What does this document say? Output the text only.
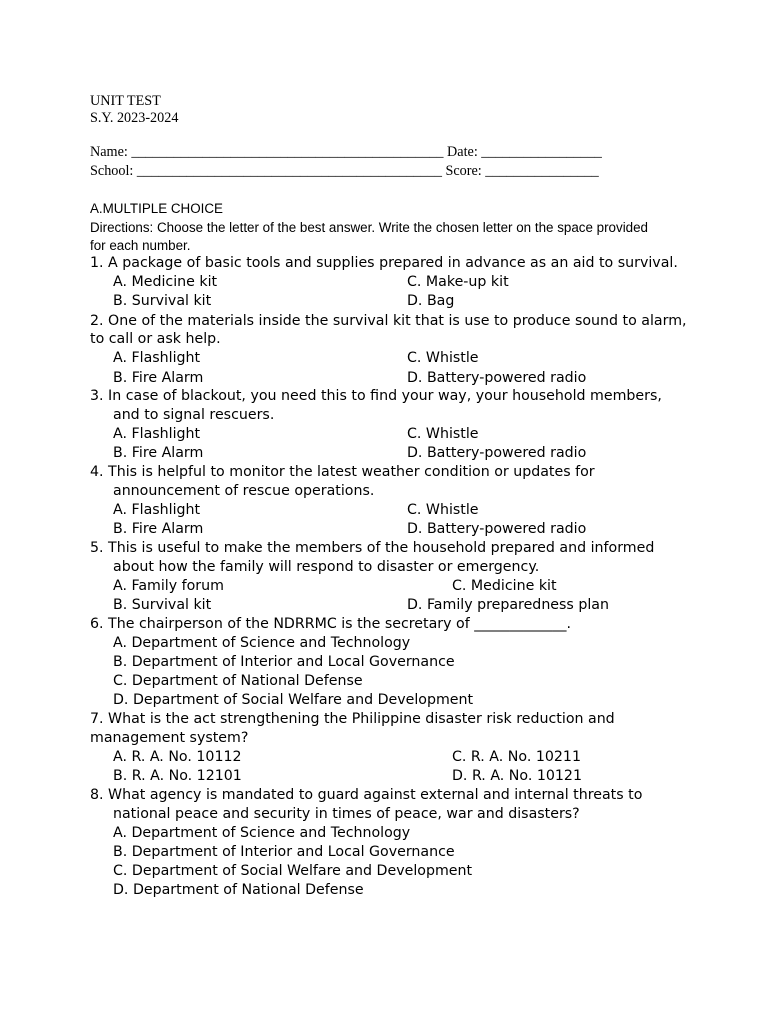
UNIT TEST
S.Y. 2023-2024
Name: ____________________________________________ Date: _________________
School: ___________________________________________ Score: ________________
A.MULTIPLE CHOICE
Directions: Choose the letter of the best answer. Write the chosen letter on the space provided
for each number.
1. A package of basic tools and supplies prepared in advance as an aid to survival.
A. Medicine kit	C. Make-up kit
B. Survival kit	D. Bag
2. One of the materials inside the survival kit that is use to produce sound to alarm,
to call or ask help.
A. Flashlight	C. Whistle
B. Fire Alarm	D. Battery-powered radio
3. In case of blackout, you need this to find your way, your household members,
and to signal rescuers.
A. Flashlight	C. Whistle
B. Fire Alarm	D. Battery-powered radio
4. This is helpful to monitor the latest weather condition or updates for
announcement of rescue operations.
A. Flashlight	C. Whistle
B. Fire Alarm	D. Battery-powered radio
5. This is useful to make the members of the household prepared and informed
about how the family will respond to disaster or emergency.
A. Family forum	C. Medicine kit
B. Survival kit	D. Family preparedness plan
6. The chairperson of the NDRRMC is the secretary of _____________.
A. Department of Science and Technology
B. Department of Interior and Local Governance
C. Department of National Defense
D. Department of Social Welfare and Development
7. What is the act strengthening the Philippine disaster risk reduction and
management system?
A. R. A. No. 10112	C. R. A. No. 10211
B. R. A. No. 12101	D. R. A. No. 10121
8. What agency is mandated to guard against external and internal threats to
national peace and security in times of peace, war and disasters?
A. Department of Science and Technology
B. Department of Interior and Local Governance
C. Department of Social Welfare and Development
D. Department of National Defense
